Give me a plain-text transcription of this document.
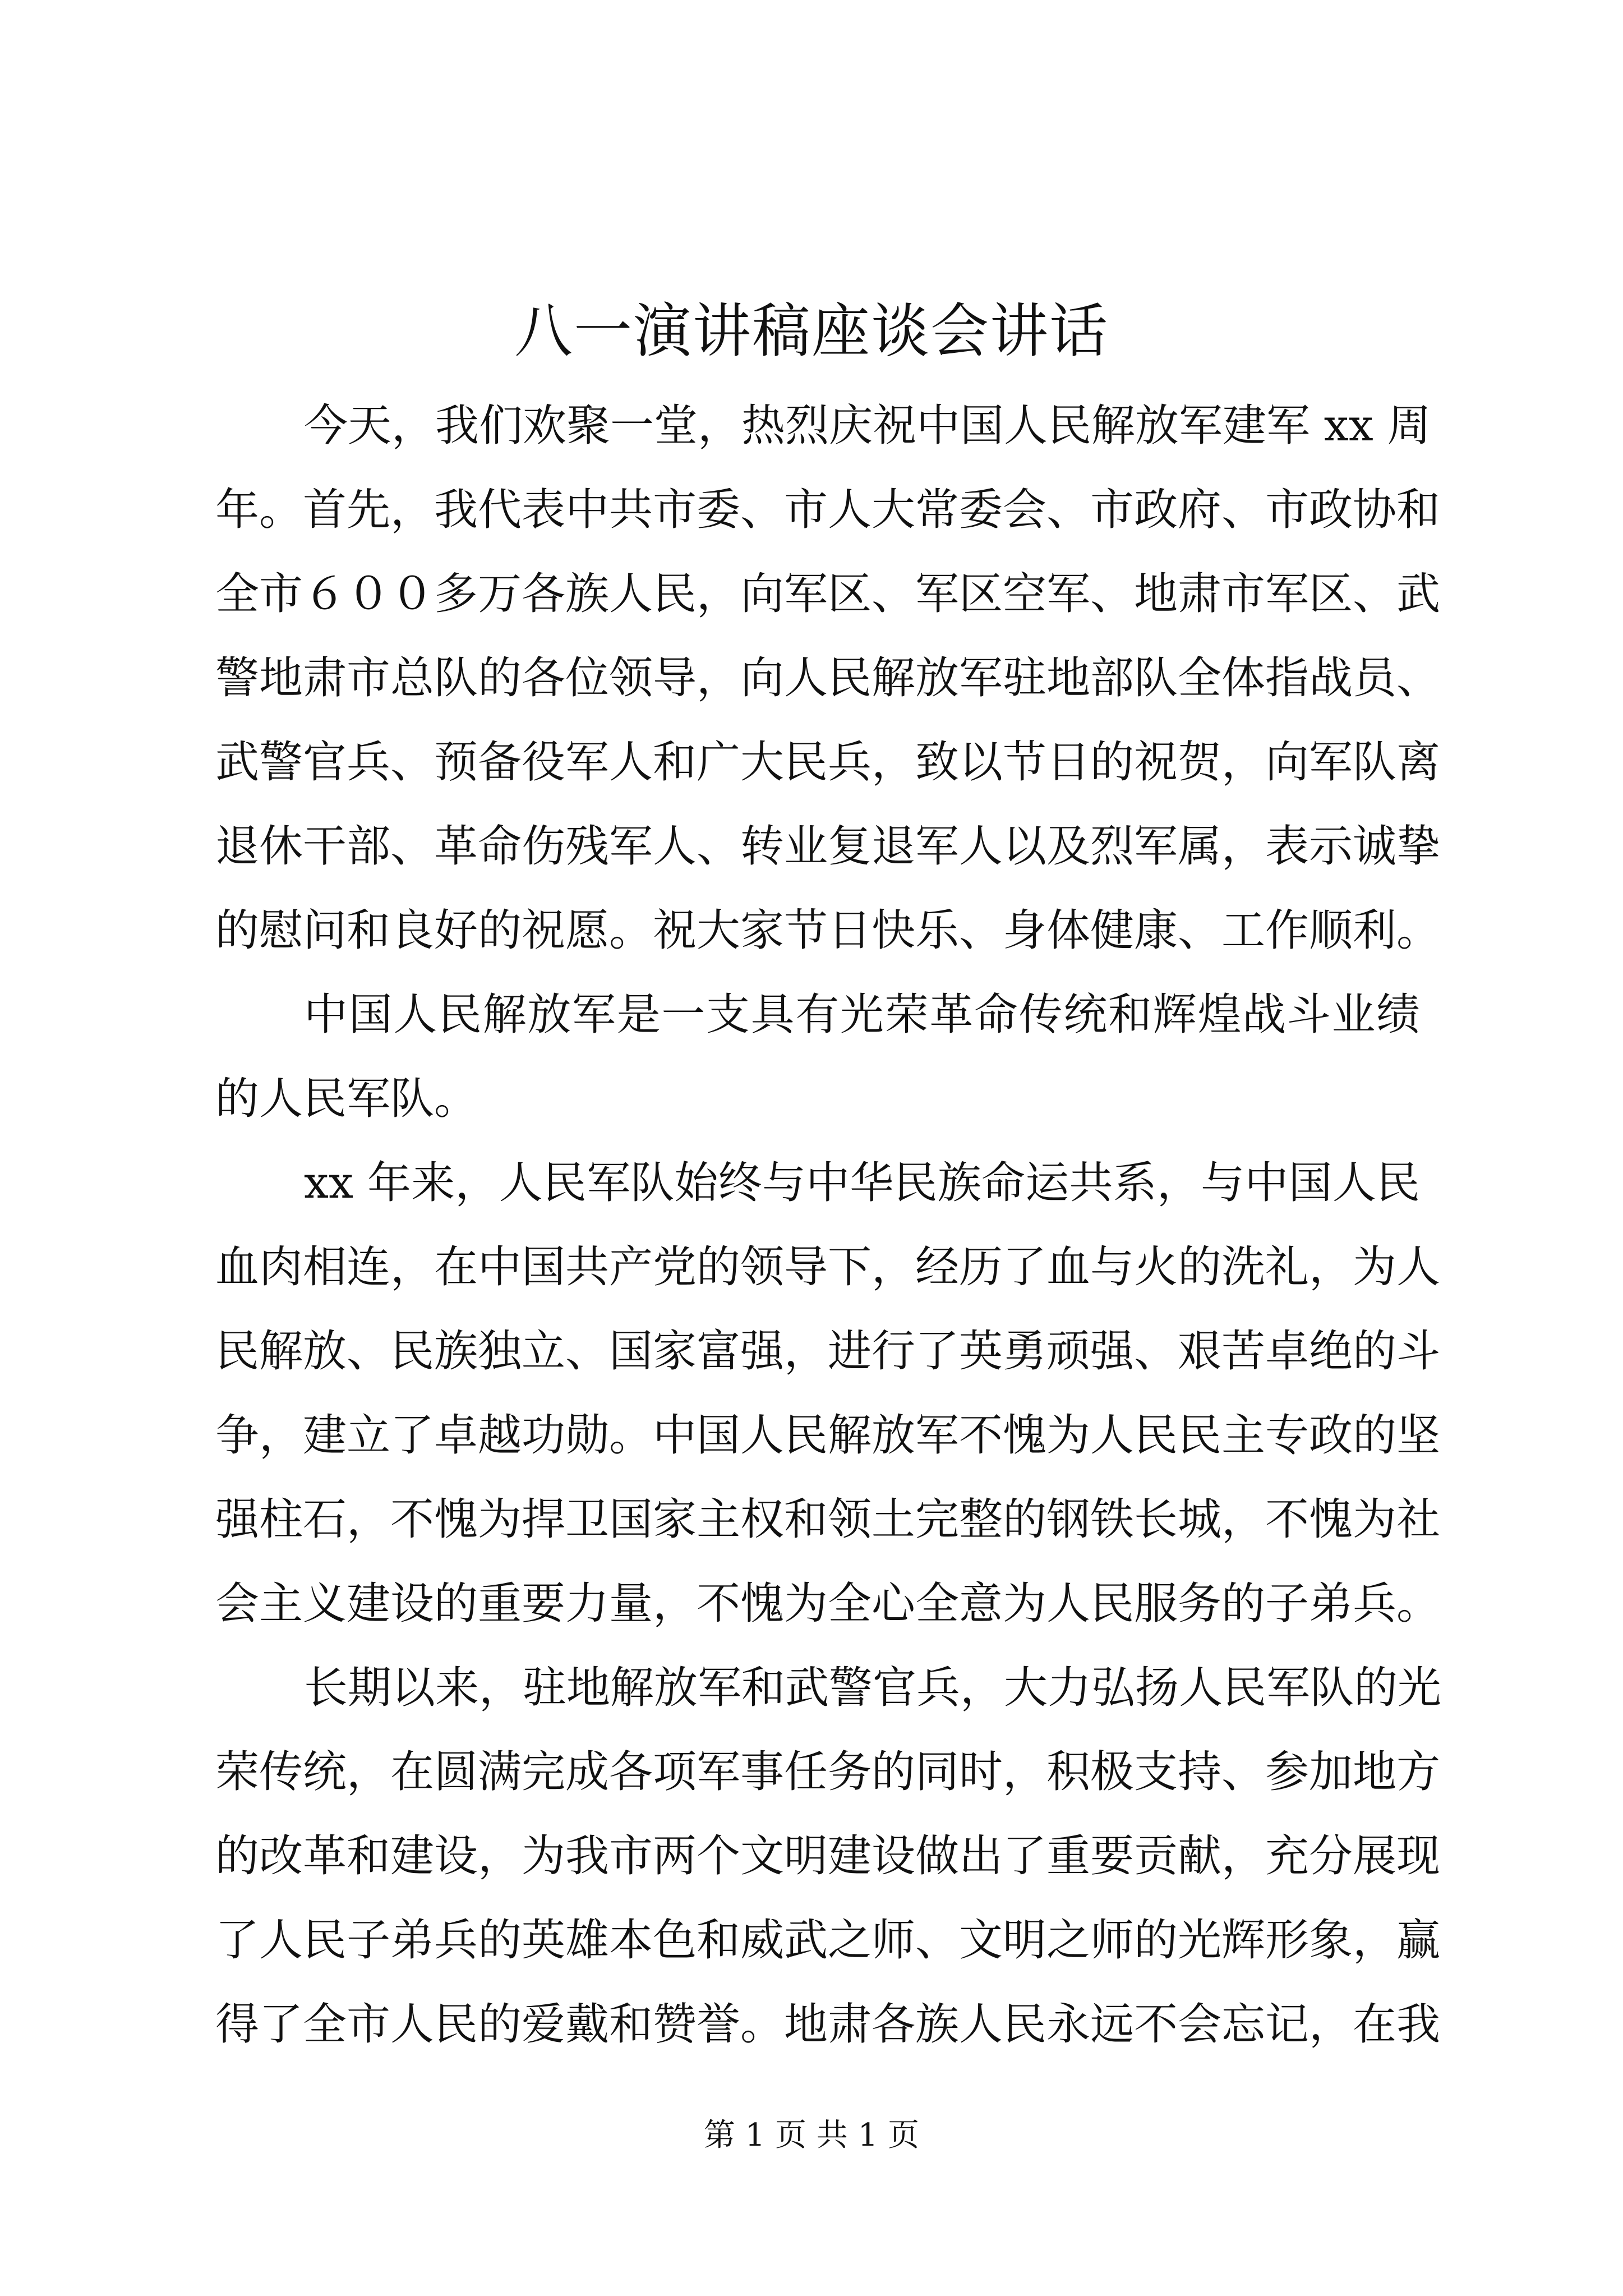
八一演讲稿座谈会讲话
今天，我们欢聚一堂，热烈庆祝中国人民解放军建军 xx 周
年。首先，我代表中共市委、市人大常委会、市政府、市政协和
全市６００多万各族人民，向军区、军区空军、地肃市军区、武
警地肃市总队的各位领导，向人民解放军驻地部队全体指战员、
武警官兵、预备役军人和广大民兵，致以节日的祝贺，向军队离
退休干部、革命伤残军人、转业复退军人以及烈军属，表示诚挚
的慰问和良好的祝愿。祝大家节日快乐、身体健康、工作顺利。
中国人民解放军是一支具有光荣革命传统和辉煌战斗业绩
的人民军队。
xx 年来，人民军队始终与中华民族命运共系，与中国人民
血肉相连，在中国共产党的领导下，经历了血与火的洗礼，为人
民解放、民族独立、国家富强，进行了英勇顽强、艰苦卓绝的斗
争，建立了卓越功勋。中国人民解放军不愧为人民民主专政的坚
强柱石，不愧为捍卫国家主权和领土完整的钢铁长城，不愧为社
会主义建设的重要力量，不愧为全心全意为人民服务的子弟兵。
长期以来，驻地解放军和武警官兵，大力弘扬人民军队的光
荣传统，在圆满完成各项军事任务的同时，积极支持、参加地方
的改革和建设，为我市两个文明建设做出了重要贡献，充分展现
了人民子弟兵的英雄本色和威武之师、文明之师的光辉形象，赢
得了全市人民的爱戴和赞誉。地肃各族人民永远不会忘记，在我
第 1 页 共 1 页
